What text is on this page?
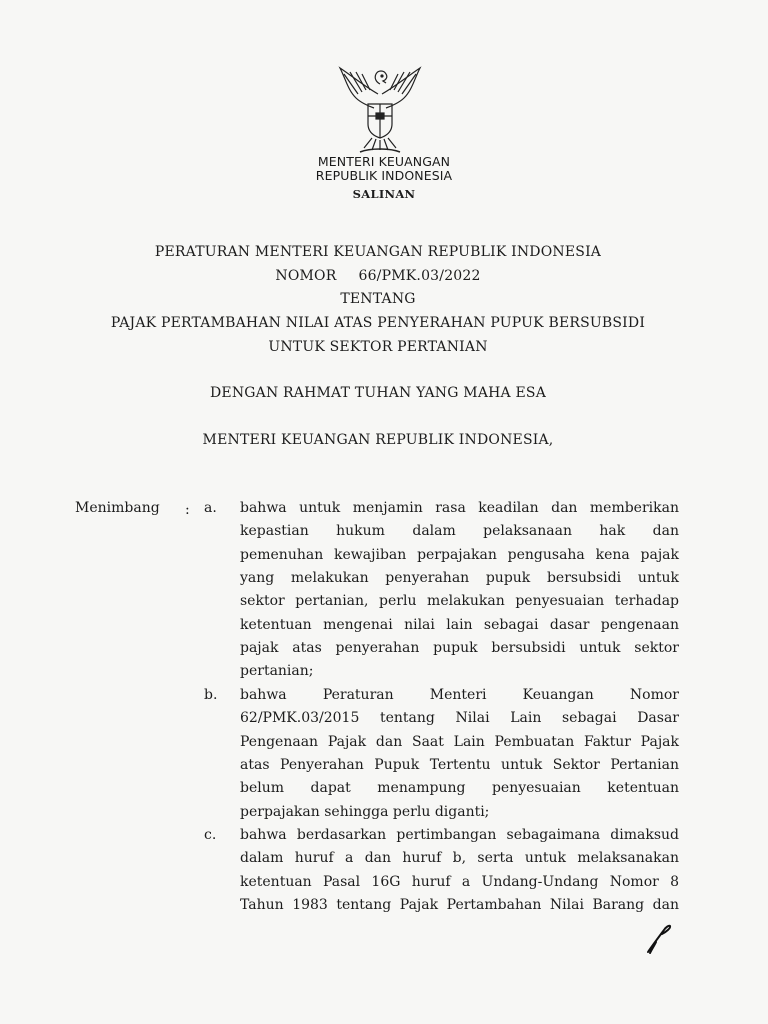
MENTERI KEUANGAN
REPUBLIK INDONESIA
SALINAN
PERATURAN MENTERI KEUANGAN REPUBLIK INDONESIA
NOMOR 66/PMK.03/2022
TENTANG
PAJAK PERTAMBAHAN NILAI ATAS PENYERAHAN PUPUK BERSUBSIDI
UNTUK SEKTOR PERTANIAN
DENGAN RAHMAT TUHAN YANG MAHA ESA
MENTERI KEUANGAN REPUBLIK INDONESIA,
Menimbang : a. bahwa untuk menjamin rasa keadilan dan memberikan
kepastian hukum dalam pelaksanaan hak dan
pemenuhan kewajiban perpajakan pengusaha kena pajak
yang melakukan penyerahan pupuk bersubsidi untuk
sektor pertanian, perlu melakukan penyesuaian terhadap
ketentuan mengenai nilai lain sebagai dasar pengenaan
pajak atas penyerahan pupuk bersubsidi untuk sektor
pertanian;
b. bahwa Peraturan Menteri Keuangan Nomor
62/PMK.03/2015 tentang Nilai Lain sebagai Dasar
Pengenaan Pajak dan Saat Lain Pembuatan Faktur Pajak
atas Penyerahan Pupuk Tertentu untuk Sektor Pertanian
belum dapat menampung penyesuaian ketentuan
perpajakan sehingga perlu diganti;
c. bahwa berdasarkan pertimbangan sebagaimana dimaksud
dalam huruf a dan huruf b, serta untuk melaksanakan
ketentuan Pasal 16G huruf a Undang-Undang Nomor 8
Tahun 1983 tentang Pajak Pertambahan Nilai Barang dan
